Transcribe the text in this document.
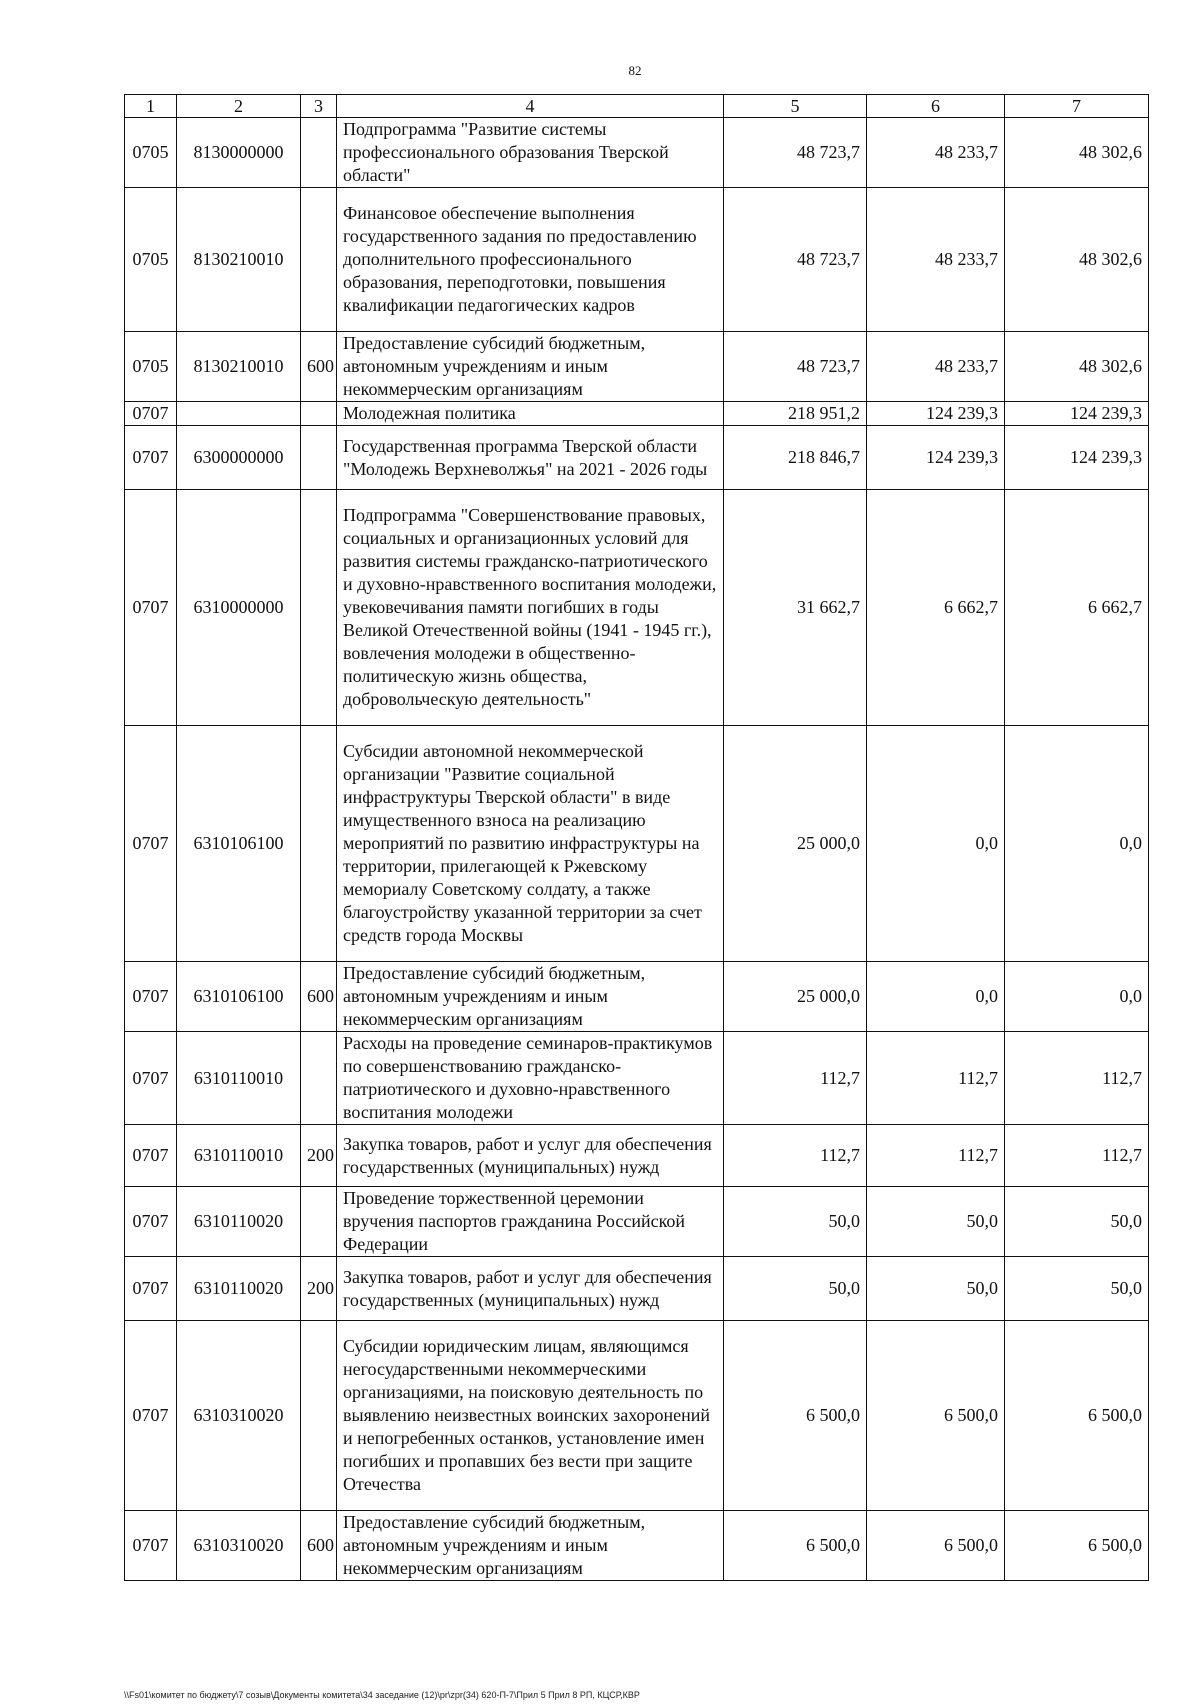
82
1	2	3	4	5	6	7
0705	8130000000		Подпрограмма "Развитие системы профессионального образования Тверской области"	48 723,7	48 233,7	48 302,6
0705	8130210010		Финансовое обеспечение выполнения государственного задания по предоставлению дополнительного профессионального образования, переподготовки, повышения квалификации педагогических кадров	48 723,7	48 233,7	48 302,6
0705	8130210010	600	Предоставление субсидий бюджетным, автономным учреждениям и иным некоммерческим организациям	48 723,7	48 233,7	48 302,6
0707			Молодежная политика	218 951,2	124 239,3	124 239,3
0707	6300000000		Государственная программа Тверской области "Молодежь Верхневолжья" на 2021 - 2026 годы	218 846,7	124 239,3	124 239,3
0707	6310000000		Подпрограмма "Совершенствование правовых, социальных и организационных условий для развития системы гражданско-патриотического и духовно-нравственного воспитания молодежи, увековечивания памяти погибших в годы Великой Отечественной войны (1941 - 1945 гг.), вовлечения молодежи в общественно-политическую жизнь общества, добровольческую деятельность"	31 662,7	6 662,7	6 662,7
0707	6310106100		Субсидии автономной некоммерческой организации "Развитие социальной инфраструктуры Тверской области" в виде имущественного взноса на реализацию мероприятий по развитию инфраструктуры на территории, прилегающей к Ржевскому мемориалу Советскому солдату, а также благоустройству указанной территории за счет средств города Москвы	25 000,0	0,0	0,0
0707	6310106100	600	Предоставление субсидий бюджетным, автономным учреждениям и иным некоммерческим организациям	25 000,0	0,0	0,0
0707	6310110010		Расходы на проведение семинаров-практикумов по совершенствованию гражданско-патриотического и духовно-нравственного воспитания молодежи	112,7	112,7	112,7
0707	6310110010	200	Закупка товаров, работ и услуг для обеспечения государственных (муниципальных) нужд	112,7	112,7	112,7
0707	6310110020		Проведение торжественной церемонии вручения паспортов гражданина Российской Федерации	50,0	50,0	50,0
0707	6310110020	200	Закупка товаров, работ и услуг для обеспечения государственных (муниципальных) нужд	50,0	50,0	50,0
0707	6310310020		Субсидии юридическим лицам, являющимся негосударственными некоммерческими организациями, на поисковую деятельность по выявлению неизвестных воинских захоронений и непогребенных останков, установление имен погибших и пропавших без вести при защите Отечества	6 500,0	6 500,0	6 500,0
0707	6310310020	600	Предоставление субсидий бюджетным, автономным учреждениям и иным некоммерческим организациям	6 500,0	6 500,0	6 500,0
\\Fs01\комитет по бюджету\7 созыв\Документы комитета\34 заседание (12)\pr\zpr(34) 620-П-7\Прил 5 Прил 8 РП, КЦСР,КВР
